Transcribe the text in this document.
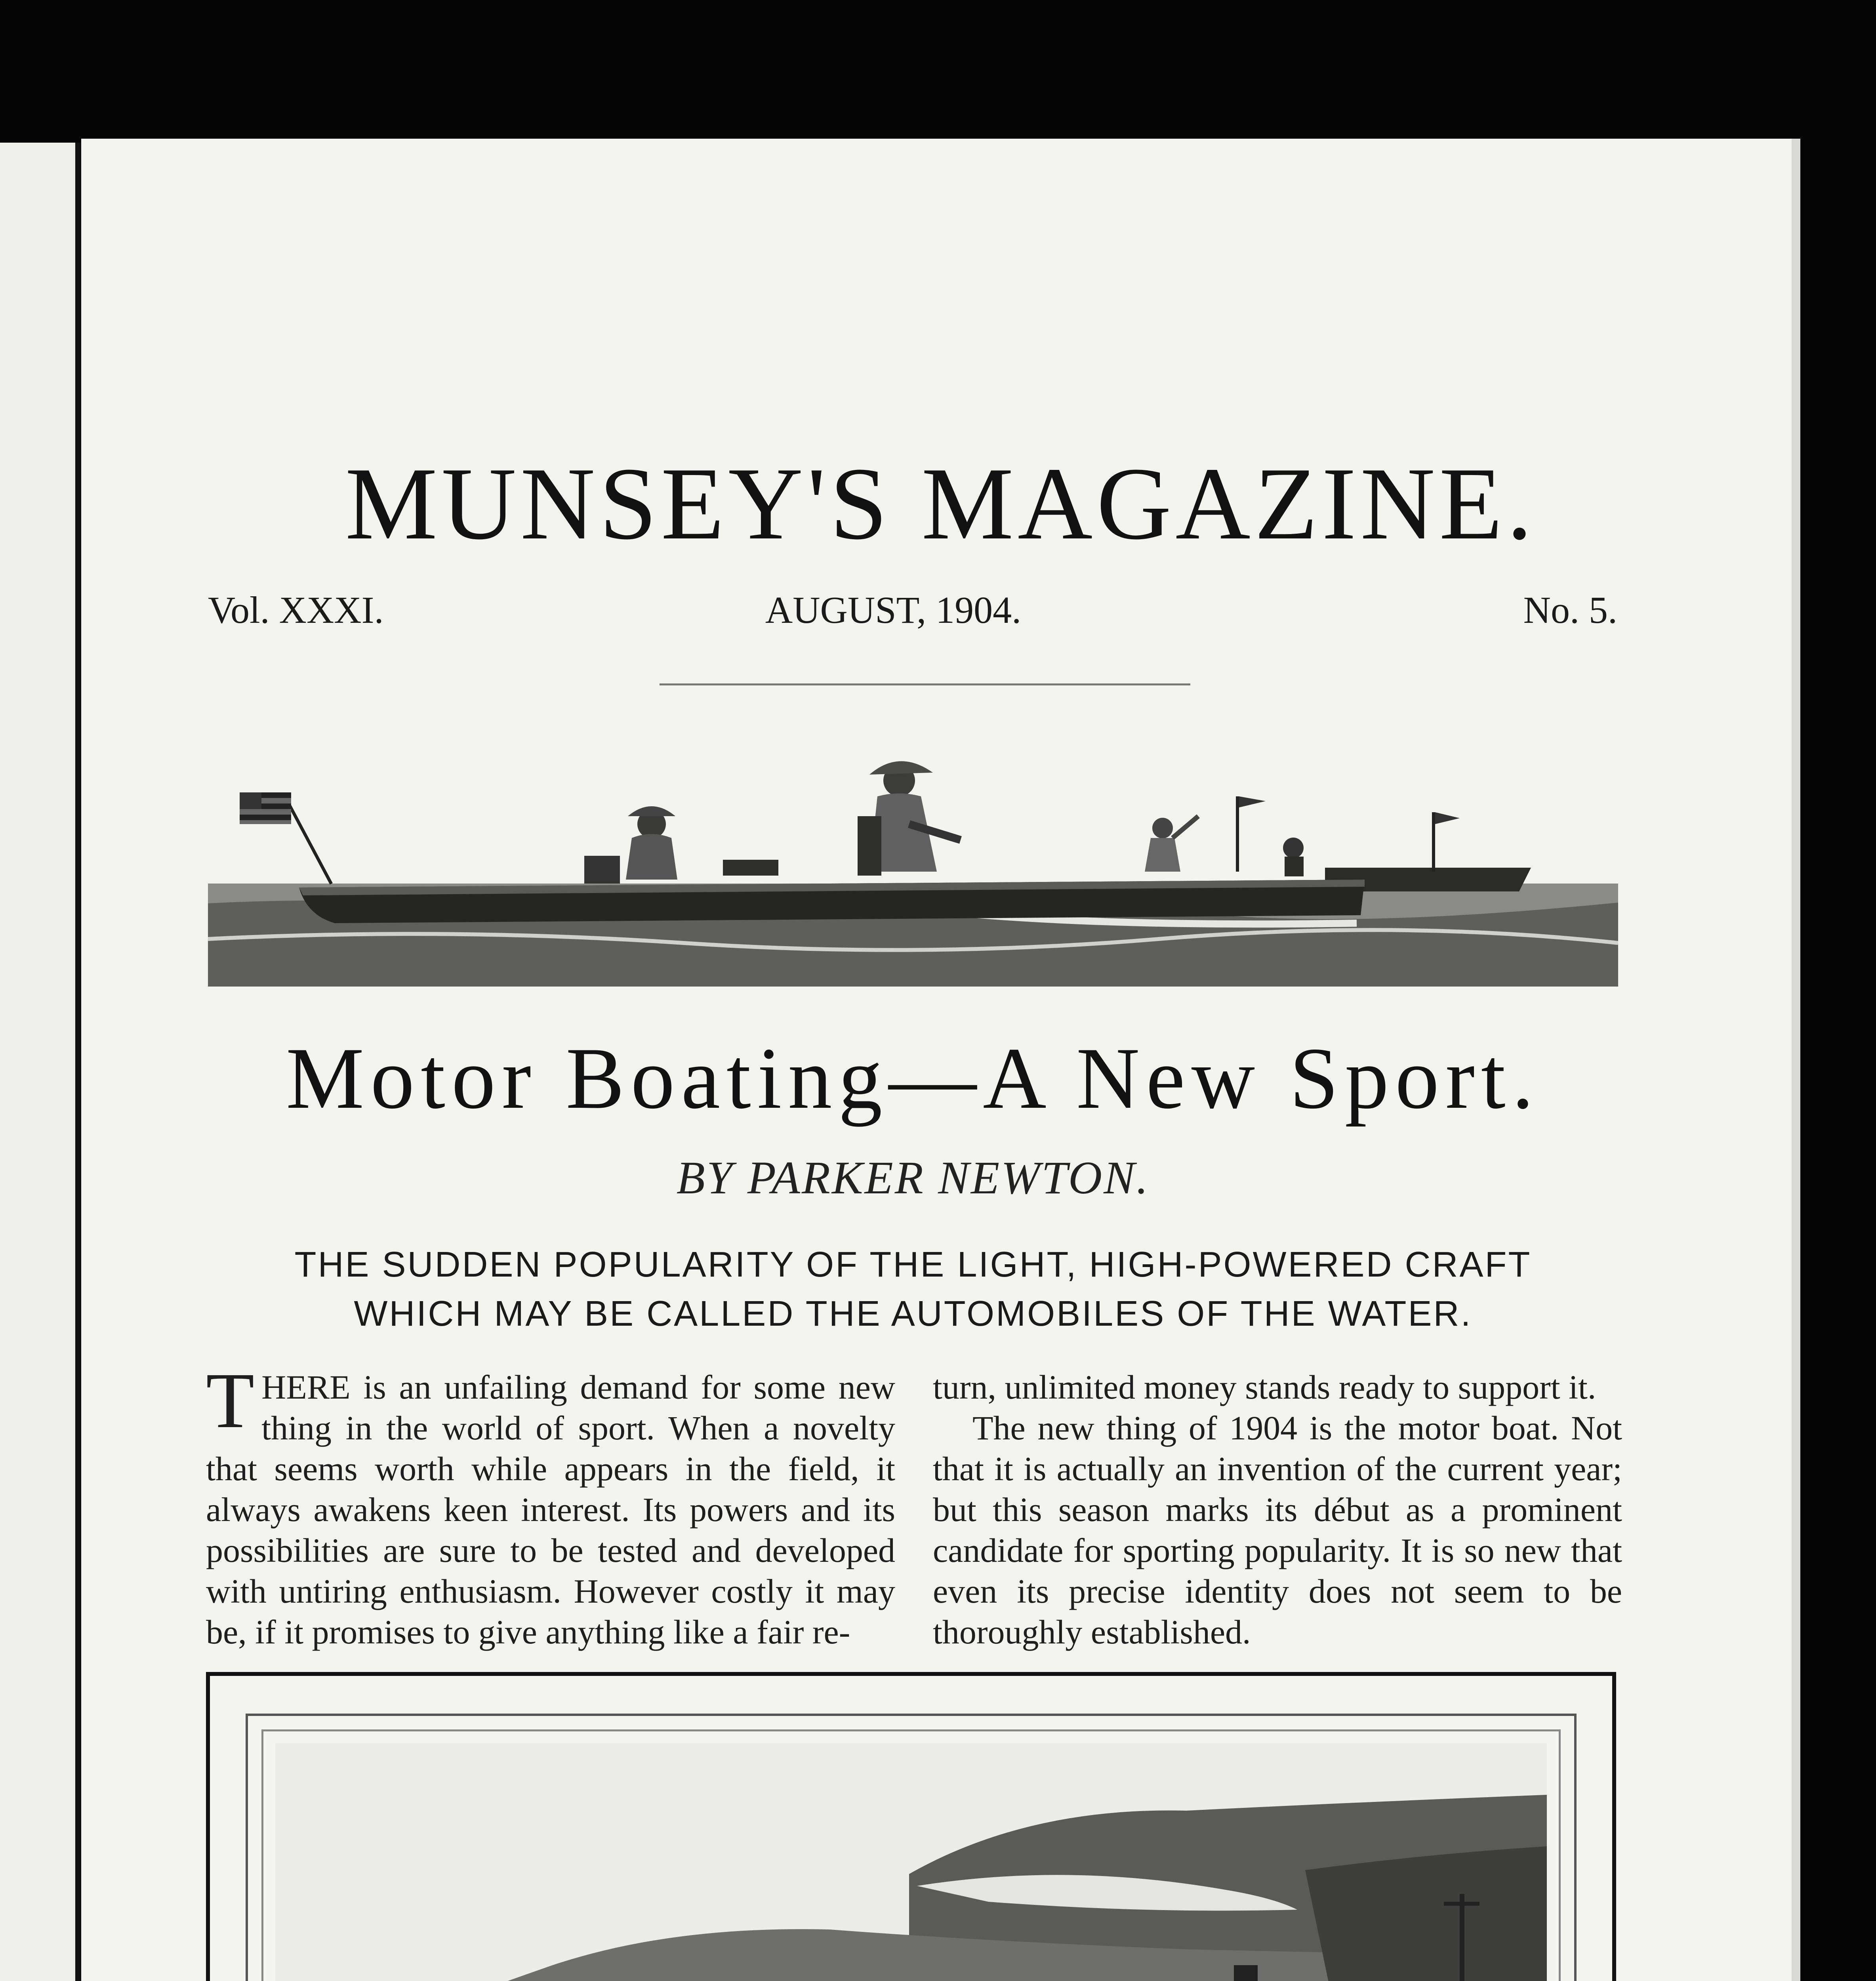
MUNSEY'S MAGAZINE.
Vol. XXXI.	AUGUST, 1904.	No. 5.
Motor Boating—A New Sport.
BY PARKER NEWTON.
THE SUDDEN POPULARITY OF THE LIGHT, HIGH-POWERED CRAFT
WHICH MAY BE CALLED THE AUTOMOBILES OF THE WATER.

THERE is an unfailing demand for some new thing in the world of sport. When a novelty that seems worth while appears in the field, it always awakens keen interest. Its powers and its possibilities are sure to be tested and developed with untiring enthusiasm. However costly it may be, if it promises to give anything like a fair re-

turn, unlimited money stands ready to support it.

The new thing of 1904 is the motor boat. Not that it is actually an invention of the current year; but this season marks its début as a prominent candidate for sporting popularity. It is so new that even its precise identity does not seem to be thoroughly established.
